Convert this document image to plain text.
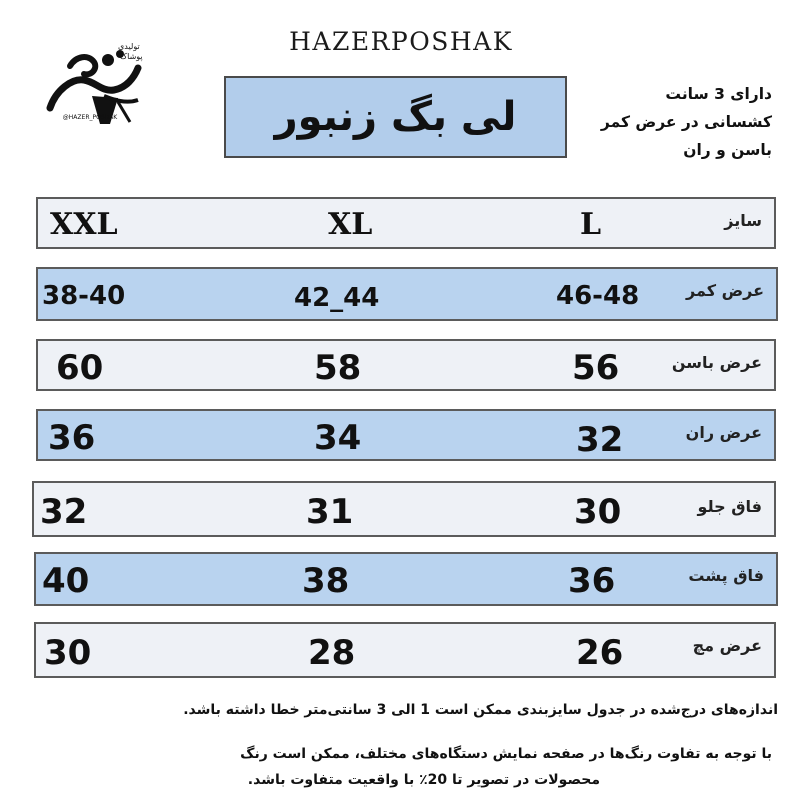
تولیدی
پوشاک
@HAZER_POSHAK
HAZERPOSHAK
لی بگ زنبور	دارای 3 سانت
کشسانی در عرض کمر
باسن و ران
XXL	XL	L	سایز
38-40	42_44	46-48	عرض کمر
60	58	56	عرض باسن
36	34	32	عرض ران
32	31	30	فاق جلو
40	38	36	فاق پشت
30	28	26	عرض مچ
اندازه‌های درج‌شده در جدول سایزبندی ممکن است 1 الی 3 سانتی‌متر خطا داشته باشد.
با توجه به تفاوت رنگ‌ها در صفحه نمایش دستگاه‌های مختلف، ممکن است رنگ
محصولات در تصویر تا 20٪ با واقعیت متفاوت باشد.
